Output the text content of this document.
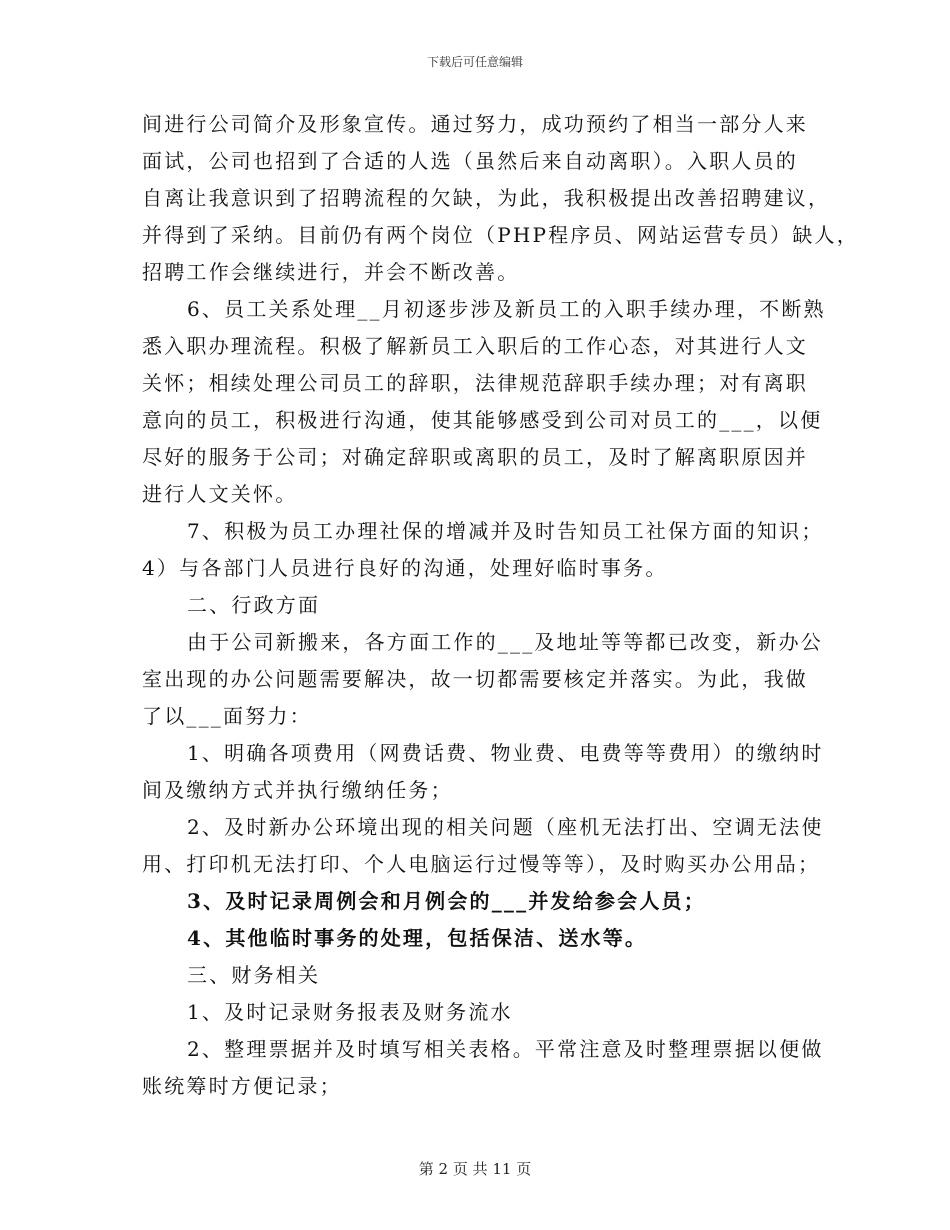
下载后可任意编辑
间进行公司简介及形象宣传。通过努力，成功预约了相当一部分人来
面试，公司也招到了合适的人选（虽然后来自动离职）。入职人员的
自离让我意识到了招聘流程的欠缺，为此，我积极提出改善招聘建议，
并得到了采纳。目前仍有两个岗位（PHP程序员、网站运营专员）缺人，
招聘工作会继续进行，并会不断改善。
6、员工关系处理__月初逐步涉及新员工的入职手续办理，不断熟
悉入职办理流程。积极了解新员工入职后的工作心态，对其进行人文
关怀；相续处理公司员工的辞职，法律规范辞职手续办理；对有离职
意向的员工，积极进行沟通，使其能够感受到公司对员工的___，以便
尽好的服务于公司；对确定辞职或离职的员工，及时了解离职原因并
进行人文关怀。
7、积极为员工办理社保的增减并及时告知员工社保方面的知识；
4）与各部门人员进行良好的沟通，处理好临时事务。
二、行政方面
由于公司新搬来，各方面工作的___及地址等等都已改变，新办公
室出现的办公问题需要解决，故一切都需要核定并落实。为此，我做
了以___面努力：
1、明确各项费用（网费话费、物业费、电费等等费用）的缴纳时
间及缴纳方式并执行缴纳任务；
2、及时新办公环境出现的相关问题（座机无法打出、空调无法使
用、打印机无法打印、个人电脑运行过慢等等），及时购买办公用品；
3、及时记录周例会和月例会的___并发给参会人员；
4、其他临时事务的处理，包括保洁、送水等。
三、财务相关
1、及时记录财务报表及财务流水
2、整理票据并及时填写相关表格。平常注意及时整理票据以便做
账统筹时方便记录；
第 2 页 共 11 页
